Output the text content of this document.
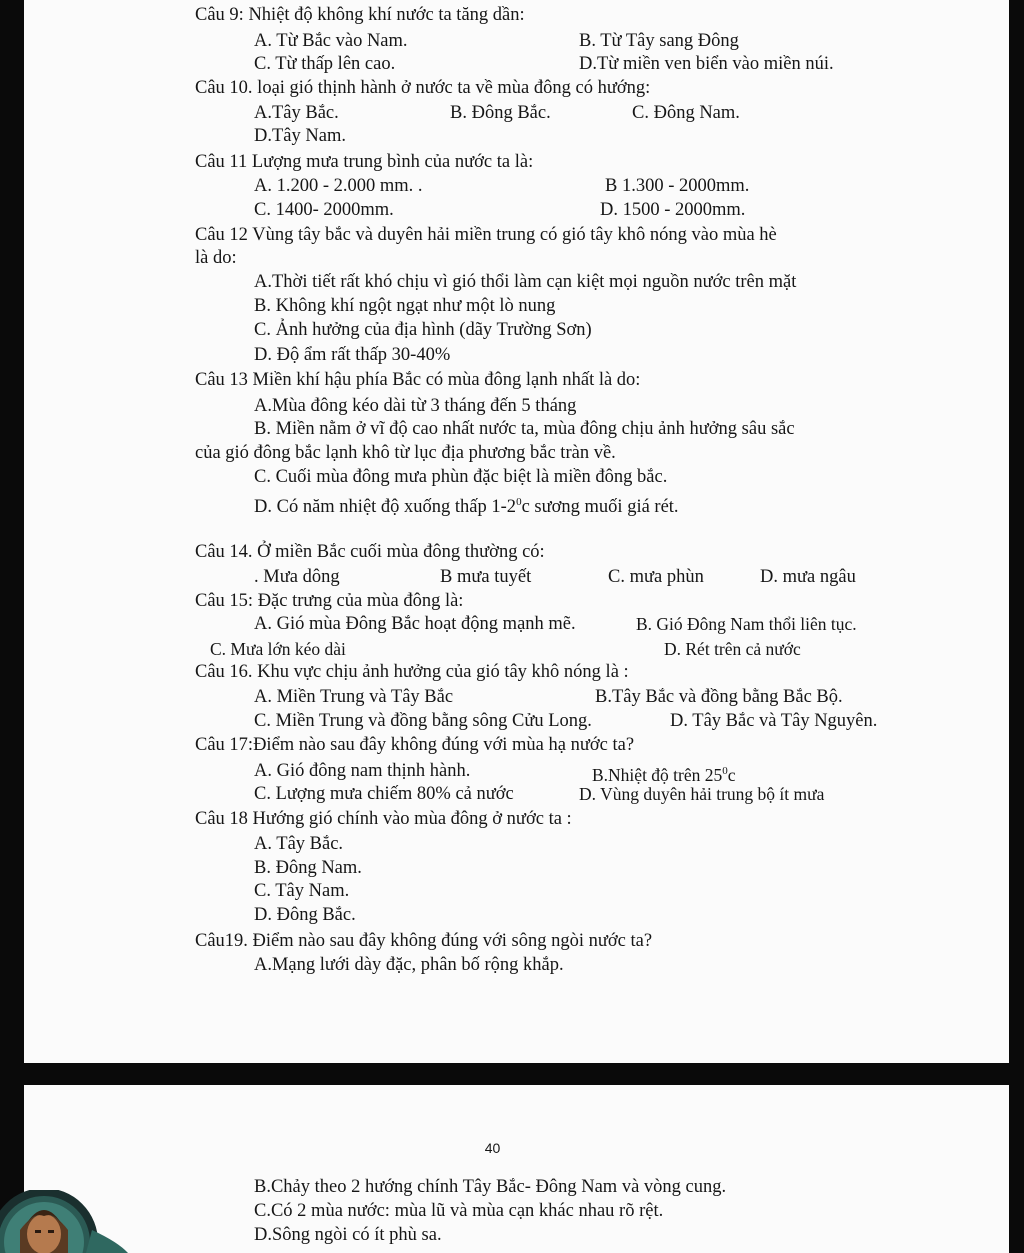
Câu 9: Nhiệt độ không khí nước ta tăng dần:
A. Từ Bắc vào Nam.	B. Từ Tây sang Đông
C. Từ thấp lên cao.	D.Từ miền ven biển vào miền núi.
Câu 10. loại gió thịnh hành ở nước ta về mùa đông có hướng:
A.Tây Bắc.	B. Đông Bắc.	C. Đông Nam.
D.Tây Nam.
Câu 11 Lượng mưa trung bình của nước ta là:
A. 1.200 - 2.000 mm. .	B 1.300 - 2000mm.
C. 1400- 2000mm.	D. 1500 - 2000mm.
Câu 12 Vùng tây bắc và duyên hải miền trung có gió tây khô nóng vào mùa hè
là do:
A.Thời tiết rất khó chịu vì gió thổi làm cạn kiệt mọi nguồn nước trên mặt
B. Không khí ngột ngạt như một lò nung
C. Ảnh hưởng của địa hình (dãy Trường Sơn)
D. Độ ẩm rất thấp 30-40%
Câu 13 Miền khí hậu phía Bắc có mùa đông lạnh nhất là do:
A.Mùa đông kéo dài từ 3 tháng đến 5 tháng
B. Miền nằm ở vĩ độ cao nhất nước ta, mùa đông chịu ảnh hưởng sâu sắc
của gió đông bắc lạnh khô từ lục địa phương bắc tràn về.
C. Cuối mùa đông mưa phùn đặc biệt là miền đông bắc.
D. Có năm nhiệt độ xuống thấp $1-2^0c$ sương muối giá rét.
Câu 14. Ở miền Bắc cuối mùa đông thường có:
. Mưa dông	B mưa tuyết	C. mưa phùn	D. mưa ngâu
Câu 15: Đặc trưng của mùa đông là:
A. Gió mùa Đông Bắc hoạt động mạnh mẽ.	B. Gió Đông Nam thổi liên tục.
C. Mưa lớn kéo dài	D. Rét trên cả nước
Câu 16. Khu vực chịu ảnh hưởng của gió tây khô nóng là :
A. Miền Trung và Tây Bắc	B.Tây Bắc và đồng bằng Bắc Bộ.
C. Miền Trung và đồng bằng sông Cửu Long.	D. Tây Bắc và Tây Nguyên.
Câu 17:Điểm nào sau đây không đúng với mùa hạ nước ta?
A. Gió đông nam thịnh hành.	B.Nhiệt độ trên $25^0c$
C. Lượng mưa chiếm 80% cả nước	D. Vùng duyên hải trung bộ ít mưa
Câu 18 Hướng gió chính vào mùa đông ở nước ta :
A. Tây Bắc.
B. Đông Nam.
C. Tây Nam.
D. Đông Bắc.
Câu19. Điểm nào sau đây không đúng với sông ngòi nước ta?
A.Mạng lưới dày đặc, phân bố rộng khắp.
40
B.Chảy theo 2 hướng chính Tây Bắc- Đông Nam và vòng cung.
C.Có 2 mùa nước: mùa lũ và mùa cạn khác nhau rõ rệt.
D.Sông ngòi có ít phù sa.
